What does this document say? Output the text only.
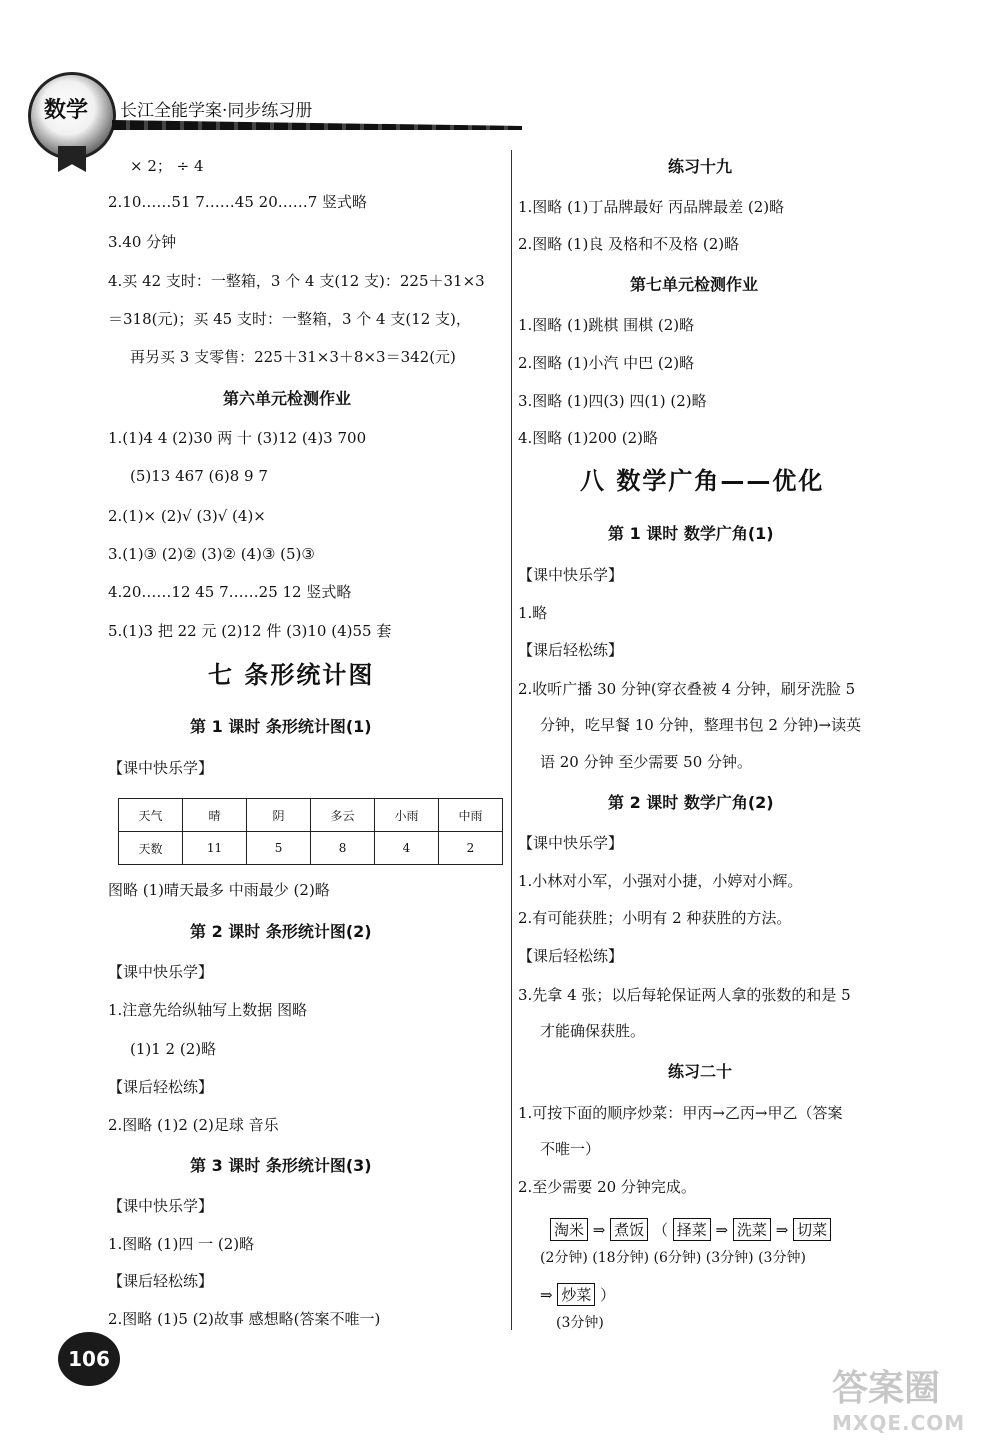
数学 长江全能学案·同步练习册
× 2； ÷ 4
2.10……51 7……45 20……7 竖式略
3.40 分钟
4.买 42 支时：一整箱，3 个 4 支(12 支)：225＋31×3
＝318(元)；买 45 支时：一整箱，3 个 4 支(12 支)，
再另买 3 支零售：225＋31×3＋8×3＝342(元)
第六单元检测作业
1.(1)4 4 (2)30 两 十 (3)12 (4)3 700
(5)13 467 (6)8 9 7
2.(1)× (2)√ (3)√ (4)×
3.(1)③ (2)② (3)② (4)③ (5)③
4.20……12 45 7……25 12 竖式略
5.(1)3 把 22 元 (2)12 件 (3)10 (4)55 套
七 条形统计图
第 1 课时 条形统计图(1)
【课中快乐学】
天气	晴	阴	多云	小雨	中雨
天数	11	5	8	4	2
图略 (1)晴天最多 中雨最少 (2)略
第 2 课时 条形统计图(2)
【课中快乐学】
1.注意先给纵轴写上数据 图略
(1)1 2 (2)略
【课后轻松练】
2.图略 (1)2 (2)足球 音乐
第 3 课时 条形统计图(3)
【课中快乐学】
1.图略 (1)四 一 (2)略
【课后轻松练】
2.图略 (1)5 (2)故事 感想略(答案不唯一)
练习十九
1.图略 (1)丁品牌最好 丙品牌最差 (2)略
2.图略 (1)良 及格和不及格 (2)略
第七单元检测作业
1.图略 (1)跳棋 围棋 (2)略
2.图略 (1)小汽 中巴 (2)略
3.图略 (1)四(3) 四(1) (2)略
4.图略 (1)200 (2)略
八 数学广角——优化
第 1 课时 数学广角(1)
【课中快乐学】
1.略
【课后轻松练】
2.收听广播 30 分钟(穿衣叠被 4 分钟，刷牙洗脸 5
分钟，吃早餐 10 分钟，整理书包 2 分钟)→读英
语 20 分钟 至少需要 50 分钟。
第 2 课时 数学广角(2)
【课中快乐学】
1.小林对小军，小强对小捷，小婷对小辉。
2.有可能获胜；小明有 2 种获胜的方法。
【课后轻松练】
3.先拿 4 张；以后每轮保证两人拿的张数的和是 5
才能确保获胜。
练习二十
1.可按下面的顺序炒菜：甲丙→乙丙→甲乙（答案
不唯一）
2.至少需要 20 分钟完成。
淘米 ⇒ 煮饭 （ 择菜 ⇒ 洗菜 ⇒ 切菜
(2分钟) (18分钟) (6分钟) (3分钟) (3分钟)
⇒ 炒菜 ）
(3分钟)
106
答案圈
MXQE.COM
